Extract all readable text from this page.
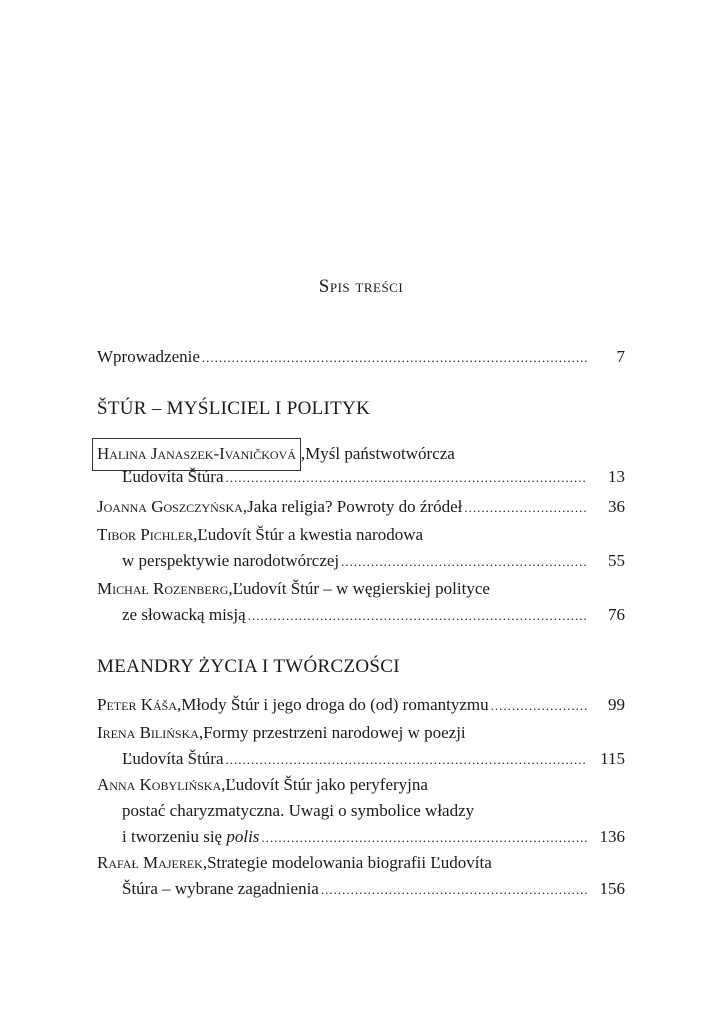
Spis treści
Wprowadzenie .....	7
ŠTÚR – MYŚLICIEL I POLITYK
Halina Janaszek-Ivaničková , Myśl państwotwórcza
Ľudovíta Štúra .....	13
Joanna Goszczyńska , Jaka religia? Powroty do źródeł .....	36
Tibor Pichler , Ľudovít Štúr a kwestia narodowa
w perspektywie narodotwórczej .....	55
Michał Rozenberg , Ľudovít Štúr – w węgierskiej polityce
ze słowacką misją .....	76
MEANDRY ŻYCIA I TWÓRCZOŚCI
Peter Káša , Młody Štúr i jego droga do (od) romantyzmu .....	99
Irena Bilińska , Formy przestrzeni narodowej w poezji
Ľudovíta Štúra .....	115
Anna Kobylińska , Ľudovít Štúr jako peryferyjna
postać charyzmatyczna. Uwagi o symbolice władzy
i tworzeniu się polis .....	136
Rafał Majerek , Strategie modelowania biografii Ľudovíta
Štúra – wybrane zagadnienia .....	156
